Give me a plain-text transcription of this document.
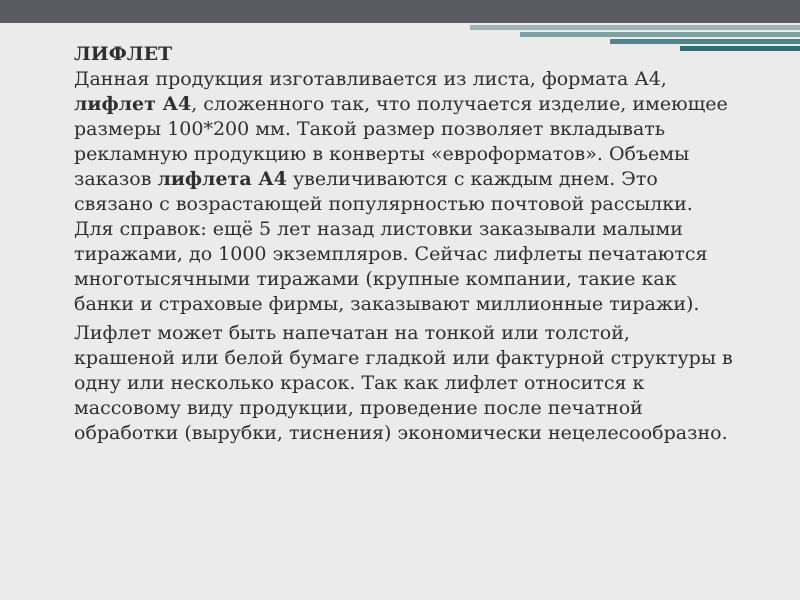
ЛИФЛЕТ

Данная продукция изготавливается из листа, формата А4, лифлет А4, сложенного так, что получается изделие, имеющее размеры 100*200 мм. Такой размер позволяет вкладывать рекламную продукцию в конверты «евроформатов». Объемы заказов лифлета А4 увеличиваются с каждым днем. Это связано с возрастающей популярностью почтовой рассылки. Для справок: ещё 5 лет назад листовки заказывали малыми тиражами, до 1000 экземпляров. Сейчас лифлеты печатаются многотысячными тиражами (крупные компании, такие как банки и страховые фирмы, заказывают миллионные тиражи).

Лифлет может быть напечатан на тонкой или толстой, крашеной или белой бумаге гладкой или фактурной структуры в одну или несколько красок. Так как лифлет относится к массовому виду продукции, проведение после печатной обработки (вырубки, тиснения) экономически нецелесообразно.
